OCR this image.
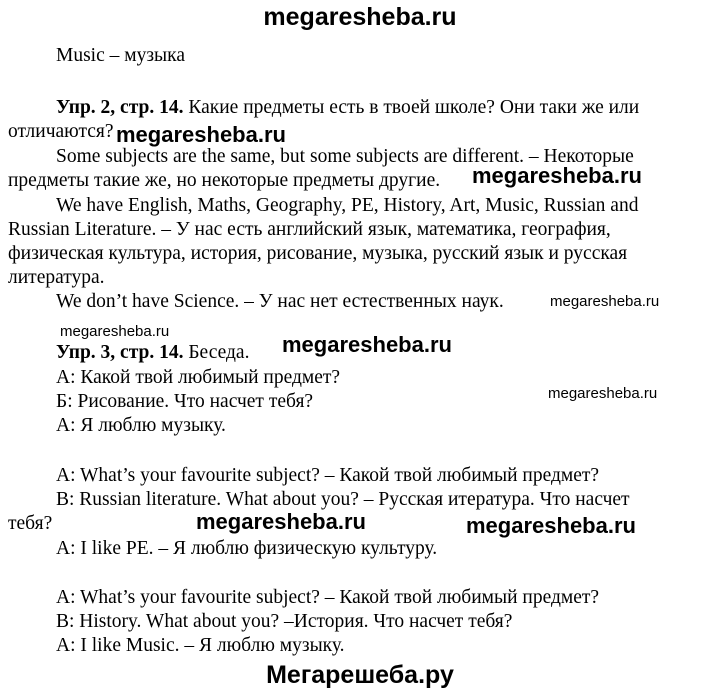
megaresheba.ru

Music – музыка

Упр. 2, стр. 14. Какие предметы есть в твоей школе? Они таки же или

отличаются?

Some subjects are the same, but some subjects are different. – Некоторые

предметы такие же, но некоторые предметы другие.

We have English, Maths, Geography, PE, History, Art, Music, Russian and

Russian Literature. – У нас есть английский язык, математика, география,

физическая культура, история, рисование, музыка, русский язык и русская

литература.

We don’t have Science. – У нас нет естественных наук.

Упр. 3, стр. 14. Беседа.

А: Какой твой любимый предмет?

Б: Рисование. Что насчет тебя?

А: Я люблю музыку.

A: What’s your favourite subject? – Какой твой любимый предмет?

B: Russian literature. What about you? – Русская итература. Что насчет

тебя?

A: I like PE. – Я люблю физическую культуру.

A: What’s your favourite subject? – Какой твой любимый предмет?

B: History. What about you? –История. Что насчет тебя?

A: I like Music. – Я люблю музыку.

megaresheba.ru
megaresheba.ru
megaresheba.ru
megaresheba.ru
megaresheba.ru
megaresheba.ru
megaresheba.ru	megaresheba.ru
Мегарешеба.ру
megaresheba.ru
